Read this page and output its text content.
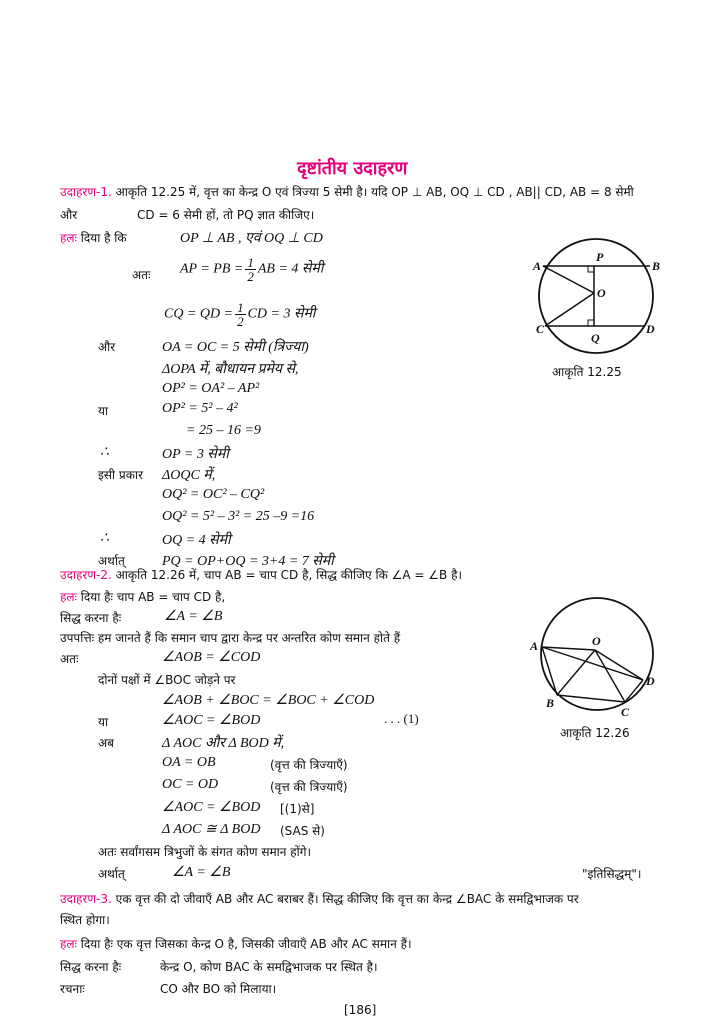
दृष्टांतीय उदाहरण
उदाहरण-1. आकृति 12.25 में, वृत्त का केन्द्र O एवं त्रिज्या 5 सेमी है। यदि OP ⊥ AB, OQ ⊥ CD , AB|| CD, AB = 8 सेमी
और	CD = 6 सेमी हों, तो PQ ज्ञात कीजिए।
हलः दिया है कि	OP ⊥ AB , एवं OQ ⊥ CD
अतः AP = PB = $\frac{1}{2}$ AB = 4 सेमी
CQ = QD = $\frac{1}{2}$ CD = 3 सेमी
और	OA = OC = 5 सेमी (त्रिज्या)
ΔOPA में, बौधायन प्रमेय से,
OP² = OA² – AP²
या	OP² = 5² – 4²
= 25 – 16 =9
∴	OP = 3 सेमी
इसी प्रकार ΔOQC में,
OQ² = OC² – CQ²
OQ² = 5² – 3² = 25 –9 =16
∴	OQ = 4 सेमी
अर्थात्	PQ = OP+OQ = 3+4 = 7 सेमी
A	B
C	D
O
P
Q
आकृति 12.25
उदाहरण-2. आकृति 12.26 में, चाप AB = चाप CD है, सिद्ध कीजिए कि ∠A = ∠B है।
हलः दिया हैः चाप AB = चाप CD है,
सिद्ध करना हैः	∠A = ∠B
उपपत्तिः हम जानते हैं कि समान चाप द्वारा केन्द्र पर अन्तरित कोण समान होते हैं
अतः	∠AOB = ∠COD
दोनों पक्षों में ∠BOC जोड़ने पर
∠AOB + ∠BOC = ∠BOC + ∠COD
या	∠AOC = ∠BOD	. . . (1)
अब	Δ AOC और Δ BOD में,
OA = OB	(वृत्त की त्रिज्याएँ)
OC = OD	(वृत्त की त्रिज्याएँ)
∠AOC = ∠BOD [(1)से]
Δ AOC ≅ Δ BOD (SAS से)
अतः सर्वांगसम त्रिभुजों के संगत कोण समान होंगे।
अर्थात्	∠A = ∠B	"इतिसिद्धम्"।
A	O
D
B
C
आकृति 12.26
उदाहरण-3. एक वृत्त की दो जीवाएँ AB और AC बराबर हैं। सिद्ध कीजिए कि वृत्त का केन्द्र ∠BAC के समद्विभाजक पर
स्थित होगा।
हलः दिया हैः एक वृत्त जिसका केन्द्र O है, जिसकी जीवाएँ AB और AC समान हैं।
सिद्ध करना हैः	केन्द्र O, कोण BAC के समद्विभाजक पर स्थित है।
रचनाः	CO और BO को मिलाया।
[186]
